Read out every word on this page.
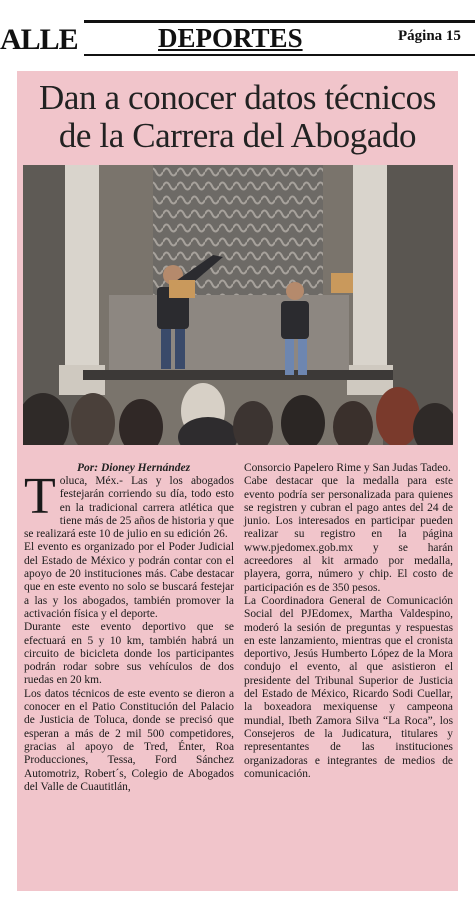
ALLE	DEPORTES	Página 15
Dan a conocer datos técnicos
de la Carrera del Abogado
Por: Dioney Hernández

Toluca, Méx.- Las y los abogados festejarán corriendo su día, todo esto en la tradicional carrera atlética que tiene más de 25 años de historia y que se realizará este 10 de julio en su edición 26.

El evento es organizado por el Poder Judicial del Estado de México y podrán contar con el apoyo de 20 instituciones más. Cabe destacar que en este evento no solo se buscará festejar a las y los abogados, también promover la activación física y el deporte.

Durante este evento deportivo que se efectuará en 5 y 10 km, también habrá un circuito de bicicleta donde los participantes podrán rodar sobre sus vehículos de dos ruedas en 20 km.

Los datos técnicos de este evento se dieron a conocer en el Patio Constitución del Palacio de Justicia de Toluca, donde se precisó que esperan a más de 2 mil 500 competidores, gracias al apoyo de Tred, Énter, Roa Producciones, Tessa, Ford Sánchez Automotriz, Robert´s, Colegio de Abogados del Valle de Cuautitlán,

Consorcio Papelero Rime y San Judas Tadeo.

Cabe destacar que la medalla para este evento podría ser personalizada para quienes se registren y cubran el pago antes del 24 de junio. Los interesados en participar pueden realizar su registro en la página www.pjedomex.gob.mx y se harán acreedores al kit armado por medalla, playera, gorra, número y chip. El costo de participación es de 350 pesos.

La Coordinadora General de Comunicación Social del PJEdomex, Martha Valdespino, moderó la sesión de preguntas y respuestas en este lanzamiento, mientras que el cronista deportivo, Jesús Humberto López de la Mora condujo el evento, al que asistieron el presidente del Tribunal Superior de Justicia del Estado de México, Ricardo Sodi Cuellar, la boxeadora mexiquense y campeona mundial, Ibeth Zamora Silva “La Roca”, los Consejeros de la Judicatura, titulares y representantes de las instituciones organizadoras e integrantes de medios de comunicación.
